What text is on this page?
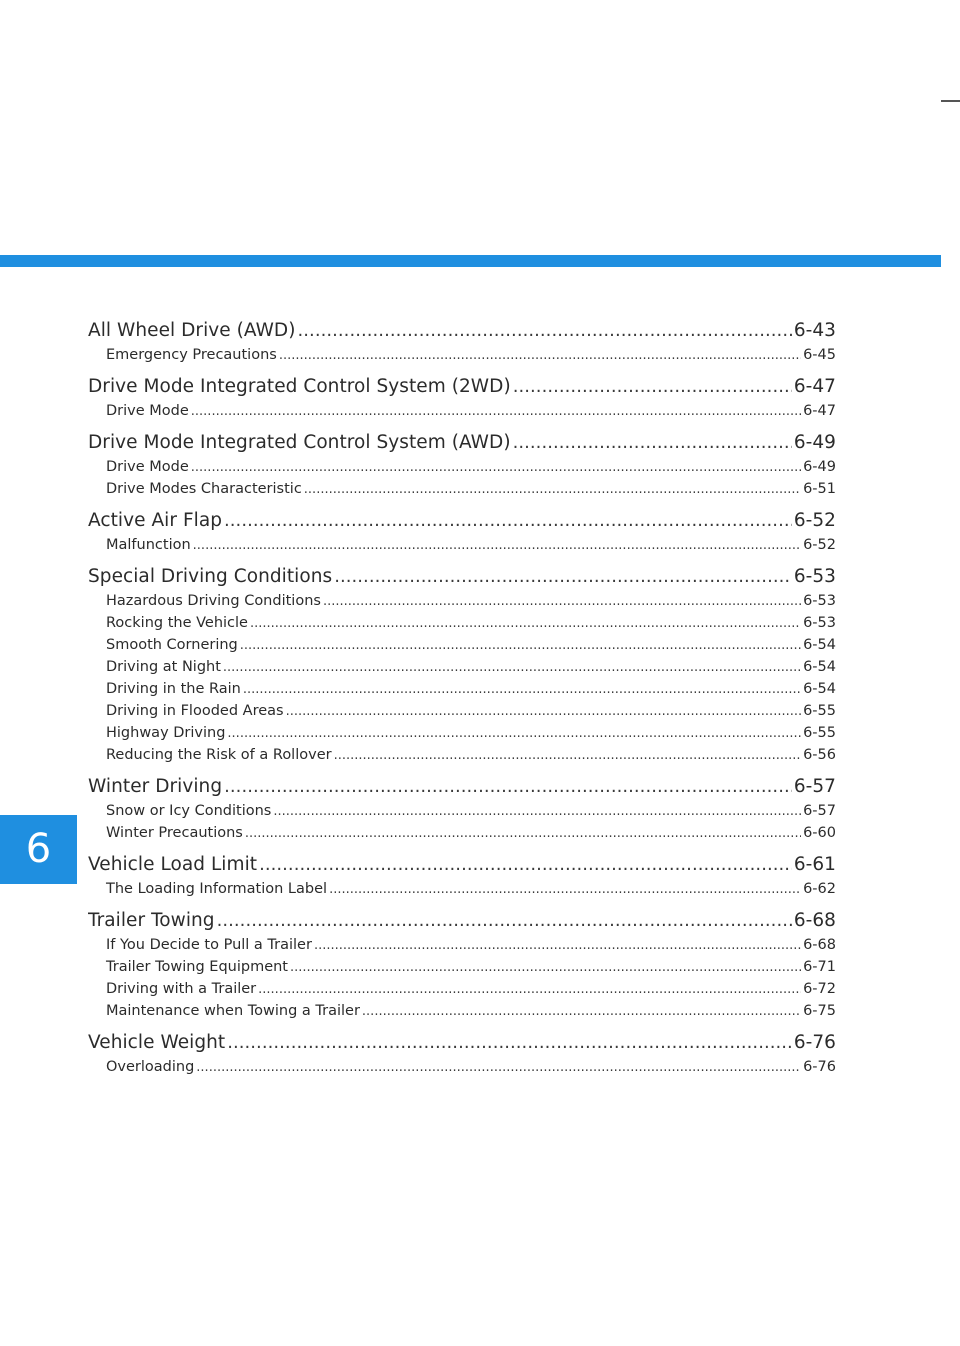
6
All Wheel Drive (AWD) .....	6-43
Emergency Precautions .....	6-45
Drive Mode Integrated Control System (2WD) .....	6-47
Drive Mode .....	6-47
Drive Mode Integrated Control System (AWD) .....	6-49
Drive Mode .....	6-49
Drive Modes Characteristic .....	6-51
Active Air Flap .....	6-52
Malfunction .....	6-52
Special Driving Conditions .....	6-53
Hazardous Driving Conditions .....	6-53
Rocking the Vehicle .....	6-53
Smooth Cornering .....	6-54
Driving at Night .....	6-54
Driving in the Rain .....	6-54
Driving in Flooded Areas .....	6-55
Highway Driving .....	6-55
Reducing the Risk of a Rollover .....	6-56
Winter Driving .....	6-57
Snow or Icy Conditions .....	6-57
Winter Precautions .....	6-60
Vehicle Load Limit .....	6-61
The Loading Information Label .....	6-62
Trailer Towing .....	6-68
If You Decide to Pull a Trailer .....	6-68
Trailer Towing Equipment .....	6-71
Driving with a Trailer .....	6-72
Maintenance when Towing a Trailer .....	6-75
Vehicle Weight .....	6-76
Overloading .....	6-76
